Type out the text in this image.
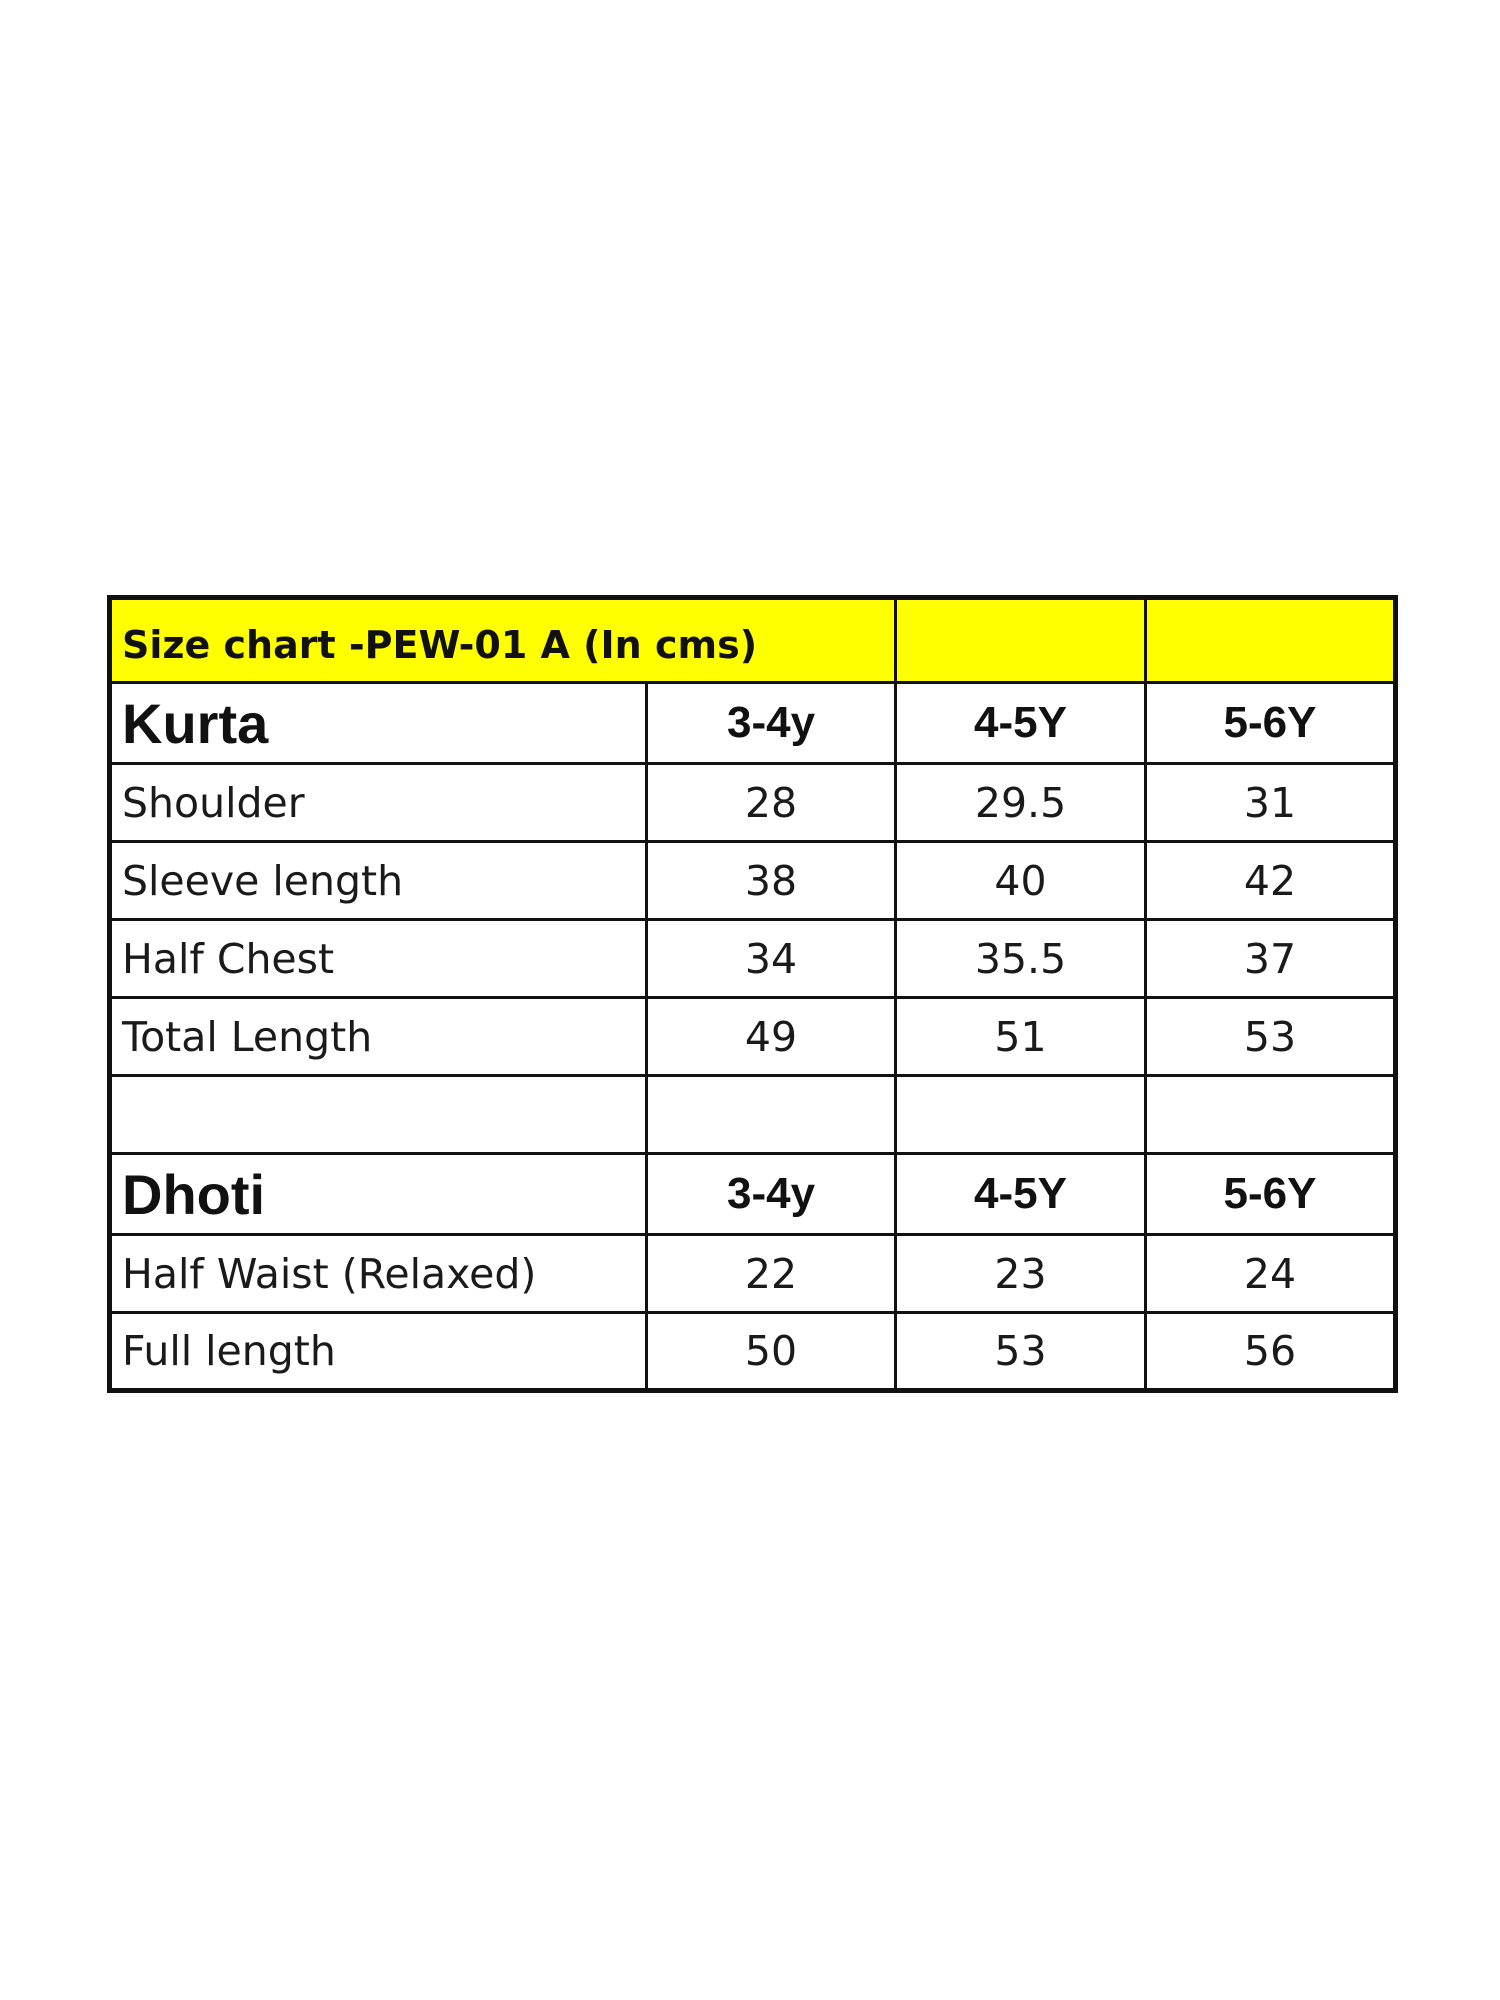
Size chart -PEW-01 A (In cms)			
Kurta	3-4y	4-5Y	5-6Y
Shoulder	28	29.5	31
Sleeve length	38	40	42
Half Chest	34	35.5	37
Total Length	49	51	53

Dhoti	3-4y	4-5Y	5-6Y
Half Waist (Relaxed)	22	23	24
Full length	50	53	56
